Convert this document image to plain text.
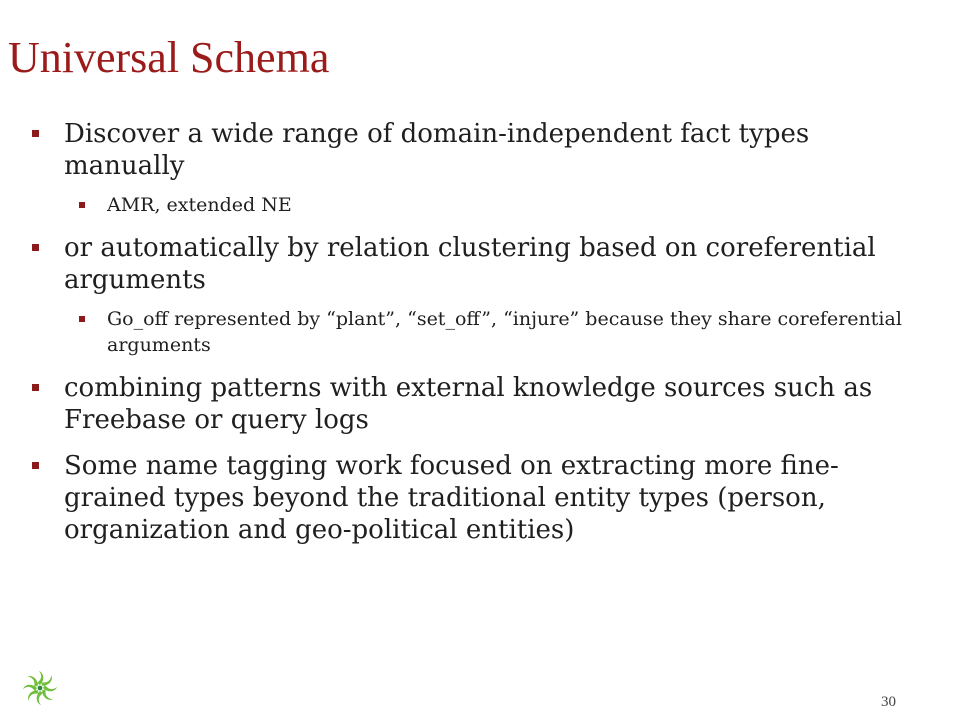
Universal Schema
Discover a wide range of domain-independent fact types manually
AMR, extended NE
or automatically by relation clustering based on coreferential arguments
Go_off represented by “plant”, “set_off”, “injure” because they share coreferential arguments
combining patterns with external knowledge sources such as Freebase or query logs
Some name tagging work focused on extracting more fine-grained types beyond the traditional entity types (person, organization and geo-political entities)
30
